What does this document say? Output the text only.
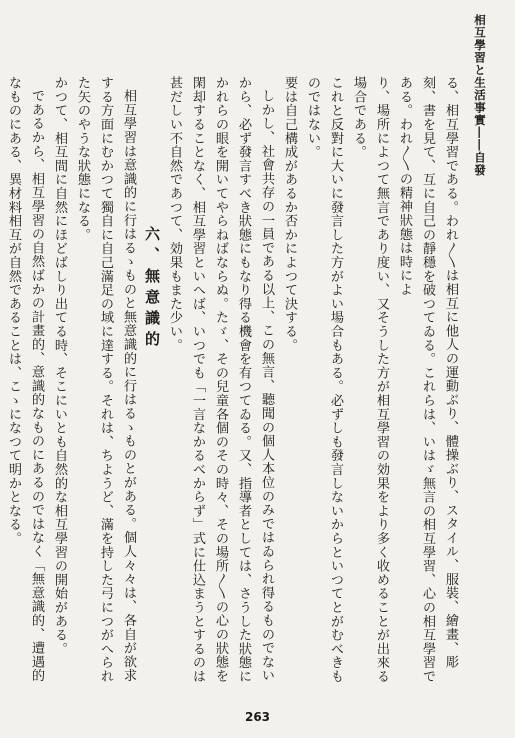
相互學習と生活事實――自發

る、相互學習である。われ〳〵は相互に他人の運動ぶり、體操ぶり、スタイル、服裝、繪畫、彫刻、書を見て、互に自己の靜穩を破つてゐる。これらは、いはゞ無言の相互學習、心の相互學習である。われ〳〵の精神狀態は時によ

り、場所によつて無言であり度い、又そうした方が相互學習の効果をより多く收めることが出來る場合である。

これと反對に大いに發言した方がよい場合もある。必ずしも發言しないからといつてとがむべきものではない。

要は自己構成があるか否かによつて決する。

しかし、社會共存の一員である以上、この無言、聽聞の個人本位のみではゐられ得るものでないから、必ず發言すべき狀態にもなり得る機會を有つてゐる。又、指導者としては、さうした狀態にかれらの眼を開いてやらねばならぬ。たゞ、その兒童各個のその時々、その場所〳〵の心の狀態を閑却することなく、相互學習といへば、いつでも「一言なかるべからず」式に仕込まうとするのは甚だしい不自然であつて、効果もまた少い。

六、無意識的

相互學習は意識的に行はるゝものと無意識的に行はるゝものとがある。個人々々は、各自が欲求する方面にむかつて獨自に自己滿足の域に達する。それは、ちようど、滿を持した弓につがへられた矢のやうな狀態になる。

かつて、相互間に自然にほどばしり出てる時、そこにいとも自然的な相互學習の開始がある。

であるから、相互學習の自然ばかの計畫的、意識的なものにあるのではなく「無意識的、遭遇的なものにある、異材料相互が自然であることは、こゝになつて明かとなる。

263
